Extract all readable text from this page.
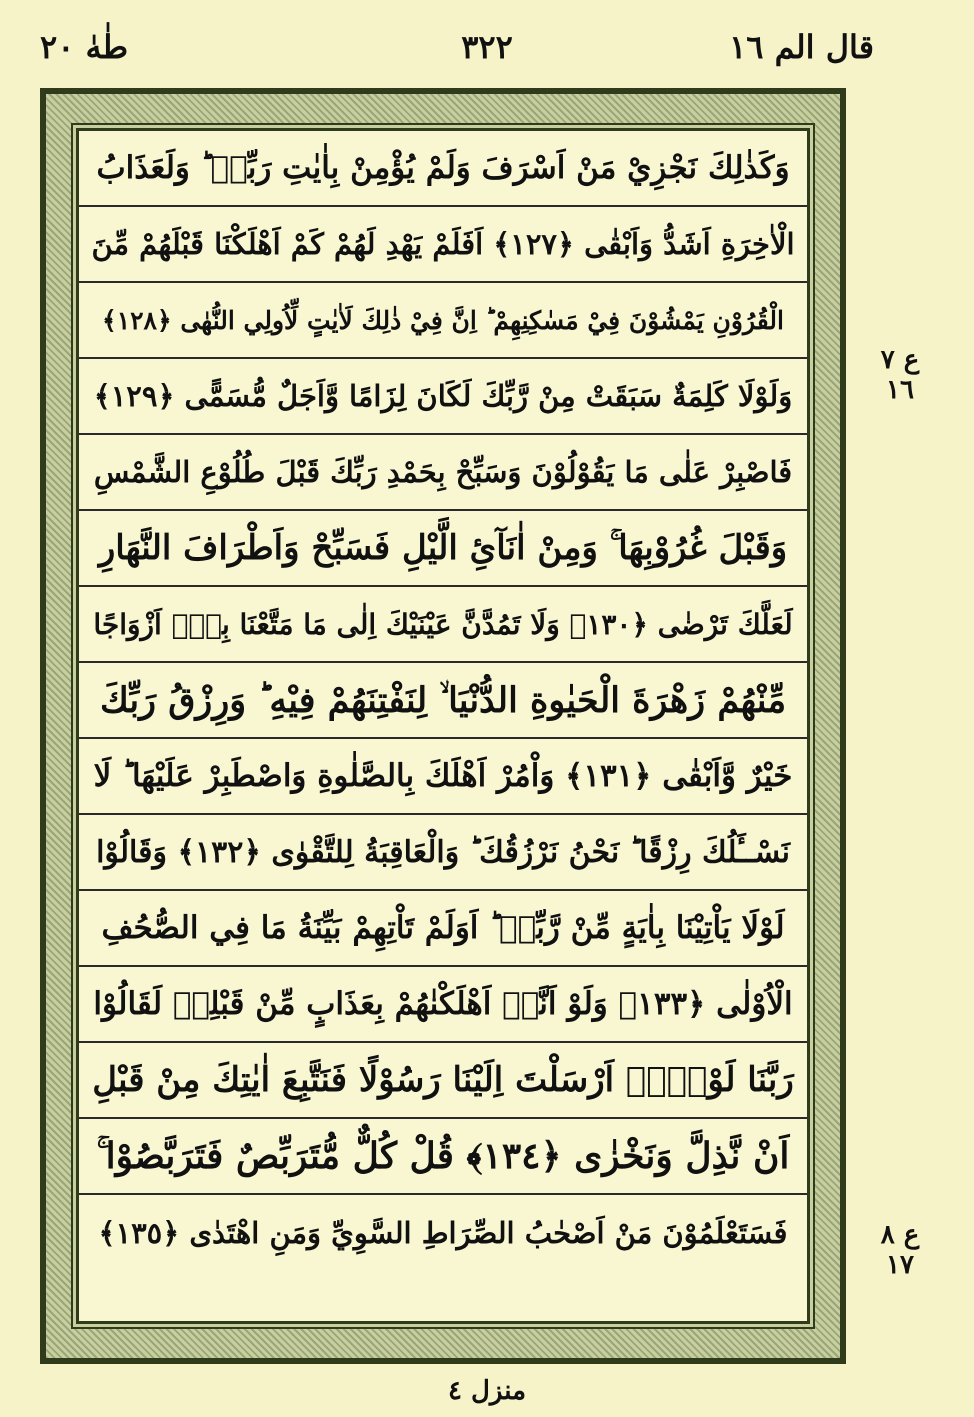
قال الم ١٦
٣٢٢
طٰهٰ ٢٠
وَكَذٰلِكَ نَجْزِيْ مَنْ اَسْرَفَ وَلَمْ يُؤْمِنْ بِاٰيٰتِ رَبِّهٖ ؕ وَلَعَذَابُ
الْاٰخِرَةِ اَشَدُّ وَاَبْقٰى ﴿١٢٧﴾ اَفَلَمْ يَهْدِ لَهُمْ كَمْ اَهْلَكْنَا قَبْلَهُمْ مِّنَ
الْقُرُوْنِ يَمْشُوْنَ فِيْ مَسٰكِنِهِمْ ؕ اِنَّ فِيْ ذٰلِكَ لَاٰيٰتٍ لِّاُولِي النُّهٰى ﴿١٢٨﴾
وَلَوْلَا كَلِمَةٌ سَبَقَتْ مِنْ رَّبِّكَ لَكَانَ لِزَامًا وَّاَجَلٌ مُّسَمًّى ﴿١٢٩﴾
فَاصْبِرْ عَلٰى مَا يَقُوْلُوْنَ وَسَبِّحْ بِحَمْدِ رَبِّكَ قَبْلَ طُلُوْعِ الشَّمْسِ
وَقَبْلَ غُرُوْبِهَا ۚ وَمِنْ اٰنَآئِ الَّيْلِ فَسَبِّحْ وَاَطْرَافَ النَّهَارِ
لَعَلَّكَ تَرْضٰى ﴿١٣٠﴾ وَلَا تَمُدَّنَّ عَيْنَيْكَ اِلٰى مَا مَتَّعْنَا بِهٖۤ اَزْوَاجًا
مِّنْهُمْ زَهْرَةَ الْحَيٰوةِ الدُّنْيَا ۙ لِنَفْتِنَهُمْ فِيْهِ ؕ وَرِزْقُ رَبِّكَ
خَيْرٌ وَّاَبْقٰى ﴿١٣١﴾ وَاْمُرْ اَهْلَكَ بِالصَّلٰوةِ وَاصْطَبِرْ عَلَيْهَا ؕ لَا
نَسْــَٔلُكَ رِزْقًا ؕ نَحْنُ نَرْزُقُكَ ؕ وَالْعَاقِبَةُ لِلتَّقْوٰى ﴿١٣٢﴾ وَقَالُوْا
لَوْلَا يَاْتِيْنَا بِاٰيَةٍ مِّنْ رَّبِّهٖ ؕ اَوَلَمْ تَاْتِهِمْ بَيِّنَةُ مَا فِي الصُّحُفِ
الْاُوْلٰى ﴿١٣٣﴾ وَلَوْ اَنَّاۤ اَهْلَكْنٰهُمْ بِعَذَابٍ مِّنْ قَبْلِهٖ لَقَالُوْا
رَبَّنَا لَوْلَاۤ اَرْسَلْتَ اِلَيْنَا رَسُوْلًا فَنَتَّبِعَ اٰيٰتِكَ مِنْ قَبْلِ
اَنْ نَّذِلَّ وَنَخْزٰى ﴿١٣٤﴾ قُلْ كُلٌّ مُّتَرَبِّصٌ فَتَرَبَّصُوْا ۚ
فَسَتَعْلَمُوْنَ مَنْ اَصْحٰبُ الصِّرَاطِ السَّوِيِّ وَمَنِ اهْتَدٰى ﴿١٣٥﴾
ع ٧ ١٦
ع ٨ ١٧
منزل ٤
